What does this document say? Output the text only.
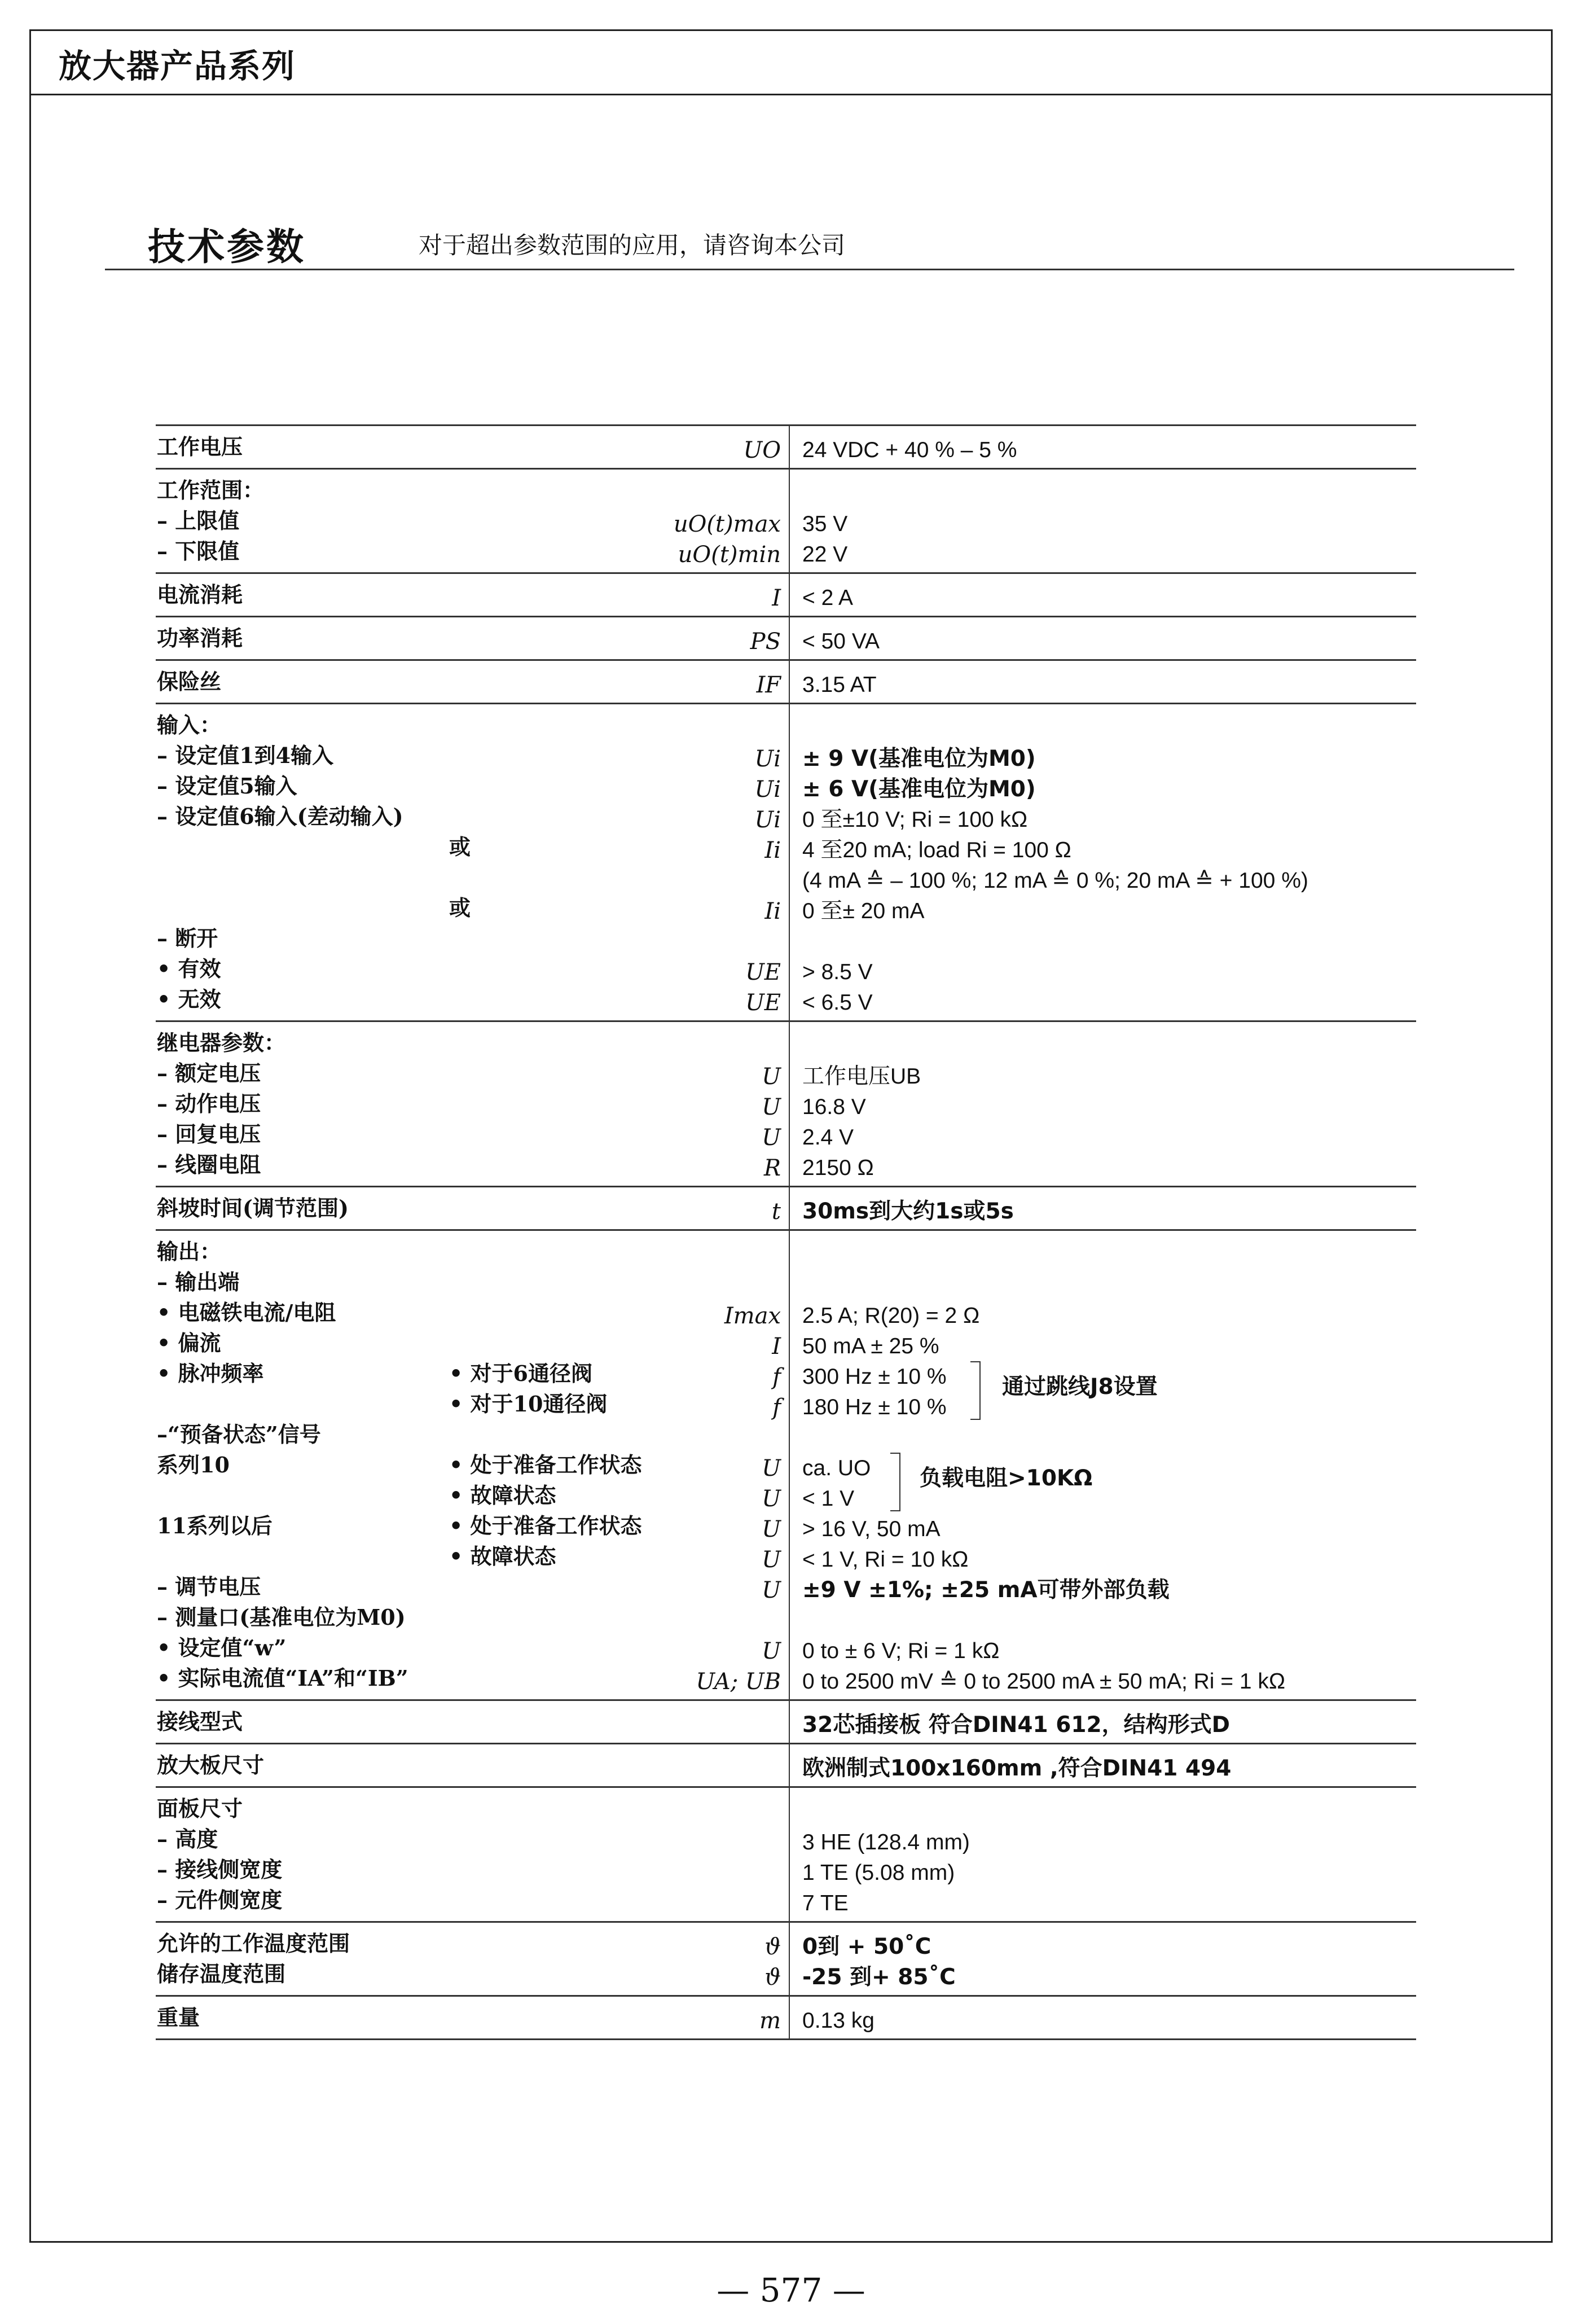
放大器产品系列
技术参数	对于超出参数范围的应用，请咨询本公司
工作电压	UO 24 VDC + 40 % – 5 %
工作范围：
– 上限值	uO(t)max 35 V
– 下限值	uO(t)min 22 V
电流消耗	I < 2 A
功率消耗	PS < 50 VA
保险丝	IF 3.15 AT
输入：
– 设定值1到4输入	Ui ± 9 V(基准电位为M0)
– 设定值5输入	Ui ± 6 V(基准电位为M0)
– 设定值6输入(差动输入)	Ui 0 至±10 V; Ri = 100 kΩ
或	Ii 4 至20 mA; load Ri = 100 Ω
(4 mA ≙ – 100 %; 12 mA ≙ 0 %; 20 mA ≙ + 100 %)
或	Ii 0 至± 20 mA
– 断开
• 有效	UE > 8.5 V
• 无效	UE < 6.5 V
继电器参数：
– 额定电压	U 工作电压UB
– 动作电压	U 16.8 V
– 回复电压	U 2.4 V
– 线圈电阻	R 2150 Ω
斜坡时间(调节范围)	t 30ms到大约1s或5s
输出：
– 输出端
• 电磁铁电流/电阻	Imax 2.5 A; R(20) = 2 Ω
• 偏流	I 50 mA ± 25 %
• 脉冲频率	• 对于6通径阀	f 300 Hz ± 10 %
• 对于10通径阀	f 180 Hz ± 10 %
–“预备状态”信号
系列10	• 处于准备工作状态	U ca. UO
• 故障状态	U < 1 V
11系列以后	• 处于准备工作状态	U > 16 V, 50 mA
• 故障状态	U < 1 V, Ri = 10 kΩ
– 调节电压	U ±9 V ±1%; ±25 mA可带外部负载
– 测量口(基准电位为M0)
• 设定值“w”	U 0 to ± 6 V; Ri = 1 kΩ
• 实际电流值“IA”和“IB”	UA; UB 0 to 2500 mV ≙ 0 to 2500 mA ± 50 mA; Ri = 1 kΩ
接线型式	32芯插接板 符合DIN41 612，结构形式D
放大板尺寸	欧洲制式100x160mm ,符合DIN41 494
面板尺寸
– 高度	3 HE (128.4 mm)
– 接线侧宽度	1 TE (5.08 mm)
– 元件侧宽度	7 TE
允许的工作温度范围	ϑ 0到 + 50˚C
储存温度范围	ϑ -25 到+ 85˚C
重量	m 0.13 kg
通过跳线J8设置
负载电阻>10KΩ
— 577 —
